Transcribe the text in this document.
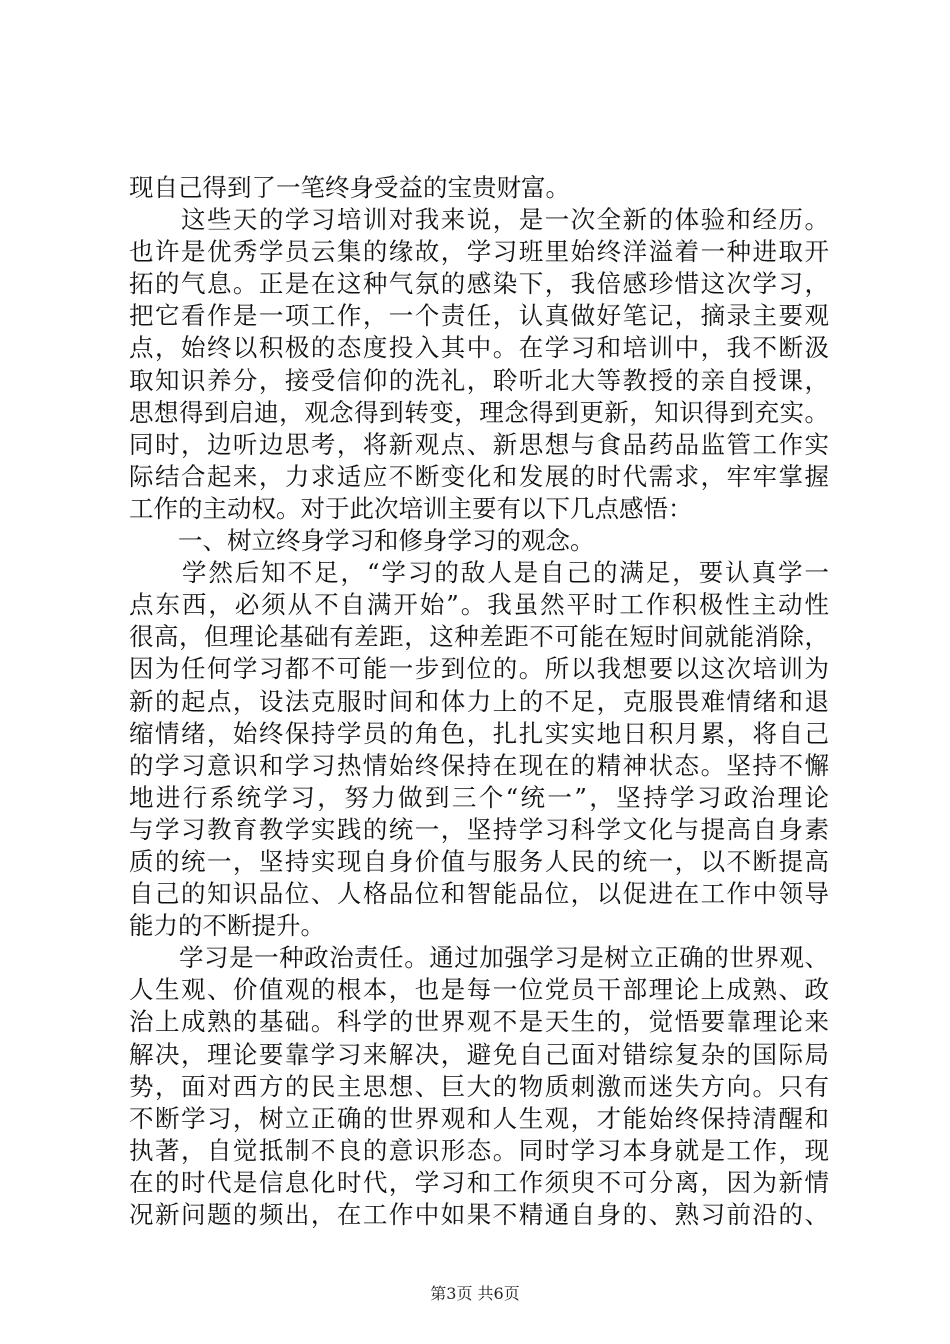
现自己得到了一笔终身受益的宝贵财富。
　　这些天的学习培训对我来说，是一次全新的体验和经历。
也许是优秀学员云集的缘故，学习班里始终洋溢着一种进取开
拓的气息。正是在这种气氛的感染下，我倍感珍惜这次学习，
把它看作是一项工作，一个责任，认真做好笔记，摘录主要观
点，始终以积极的态度投入其中。在学习和培训中，我不断汲
取知识养分，接受信仰的洗礼，聆听北大等教授的亲自授课，
思想得到启迪，观念得到转变，理念得到更新，知识得到充实。
同时，边听边思考，将新观点、新思想与食品药品监管工作实
际结合起来，力求适应不断变化和发展的时代需求，牢牢掌握
工作的主动权。对于此次培训主要有以下几点感悟：
　　一、树立终身学习和修身学习的观念。
　　学然后知不足，“学习的敌人是自己的满足，要认真学一
点东西，必须从不自满开始”。我虽然平时工作积极性主动性
很高，但理论基础有差距，这种差距不可能在短时间就能消除，
因为任何学习都不可能一步到位的。所以我想要以这次培训为
新的起点，设法克服时间和体力上的不足，克服畏难情绪和退
缩情绪，始终保持学员的角色，扎扎实实地日积月累，将自己
的学习意识和学习热情始终保持在现在的精神状态。坚持不懈
地进行系统学习，努力做到三个“统一”，坚持学习政治理论
与学习教育教学实践的统一，坚持学习科学文化与提高自身素
质的统一，坚持实现自身价值与服务人民的统一，以不断提高
自己的知识品位、人格品位和智能品位，以促进在工作中领导
能力的不断提升。
　　学习是一种政治责任。通过加强学习是树立正确的世界观、
人生观、价值观的根本，也是每一位党员干部理论上成熟、政
治上成熟的基础。科学的世界观不是天生的，觉悟要靠理论来
解决，理论要靠学习来解决，避免自己面对错综复杂的国际局
势，面对西方的民主思想、巨大的物质刺激而迷失方向。只有
不断学习，树立正确的世界观和人生观，才能始终保持清醒和
执著，自觉抵制不良的意识形态。同时学习本身就是工作，现
在的时代是信息化时代，学习和工作须臾不可分离，因为新情
况新问题的频出，在工作中如果不精通自身的、熟习前沿的、
第3页 共6页
